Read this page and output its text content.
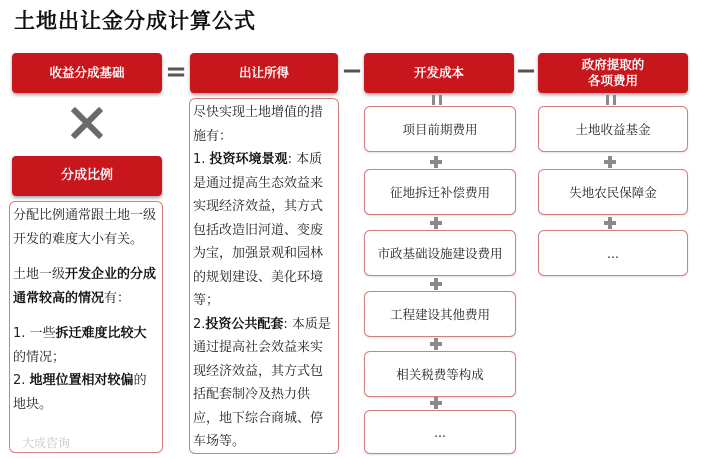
土地出让金分成计算公式
收益分成基础	=	出让所得	−	开发成本	−	政府提取的
各项费用
分成比例

分配比例通常跟土地一级开发的难度大小有关。

土地一级开发企业的分成通常较高的情况有：

1. 一些拆迁难度比较大的情况；

2. 地理位置相对较偏的地块。

尽快实现土地增值的措施有：

1. 投资环境景观: 本质是通过提高生态效益来实现经济效益，其方式包括改造旧河道、变废为宝，加强景观和园林的规划建设、美化环境等；

2.投资公共配套: 本质是通过提高社会效益来实现经济效益，其方式包括配套制冷及热力供应，地下综合商城、停车场等。

项目前期费用
征地拆迁补偿费用
市政基础设施建设费用
工程建设其他费用
相关税费等构成
...
土地收益基金
失地农民保障金
...
大成咨询
